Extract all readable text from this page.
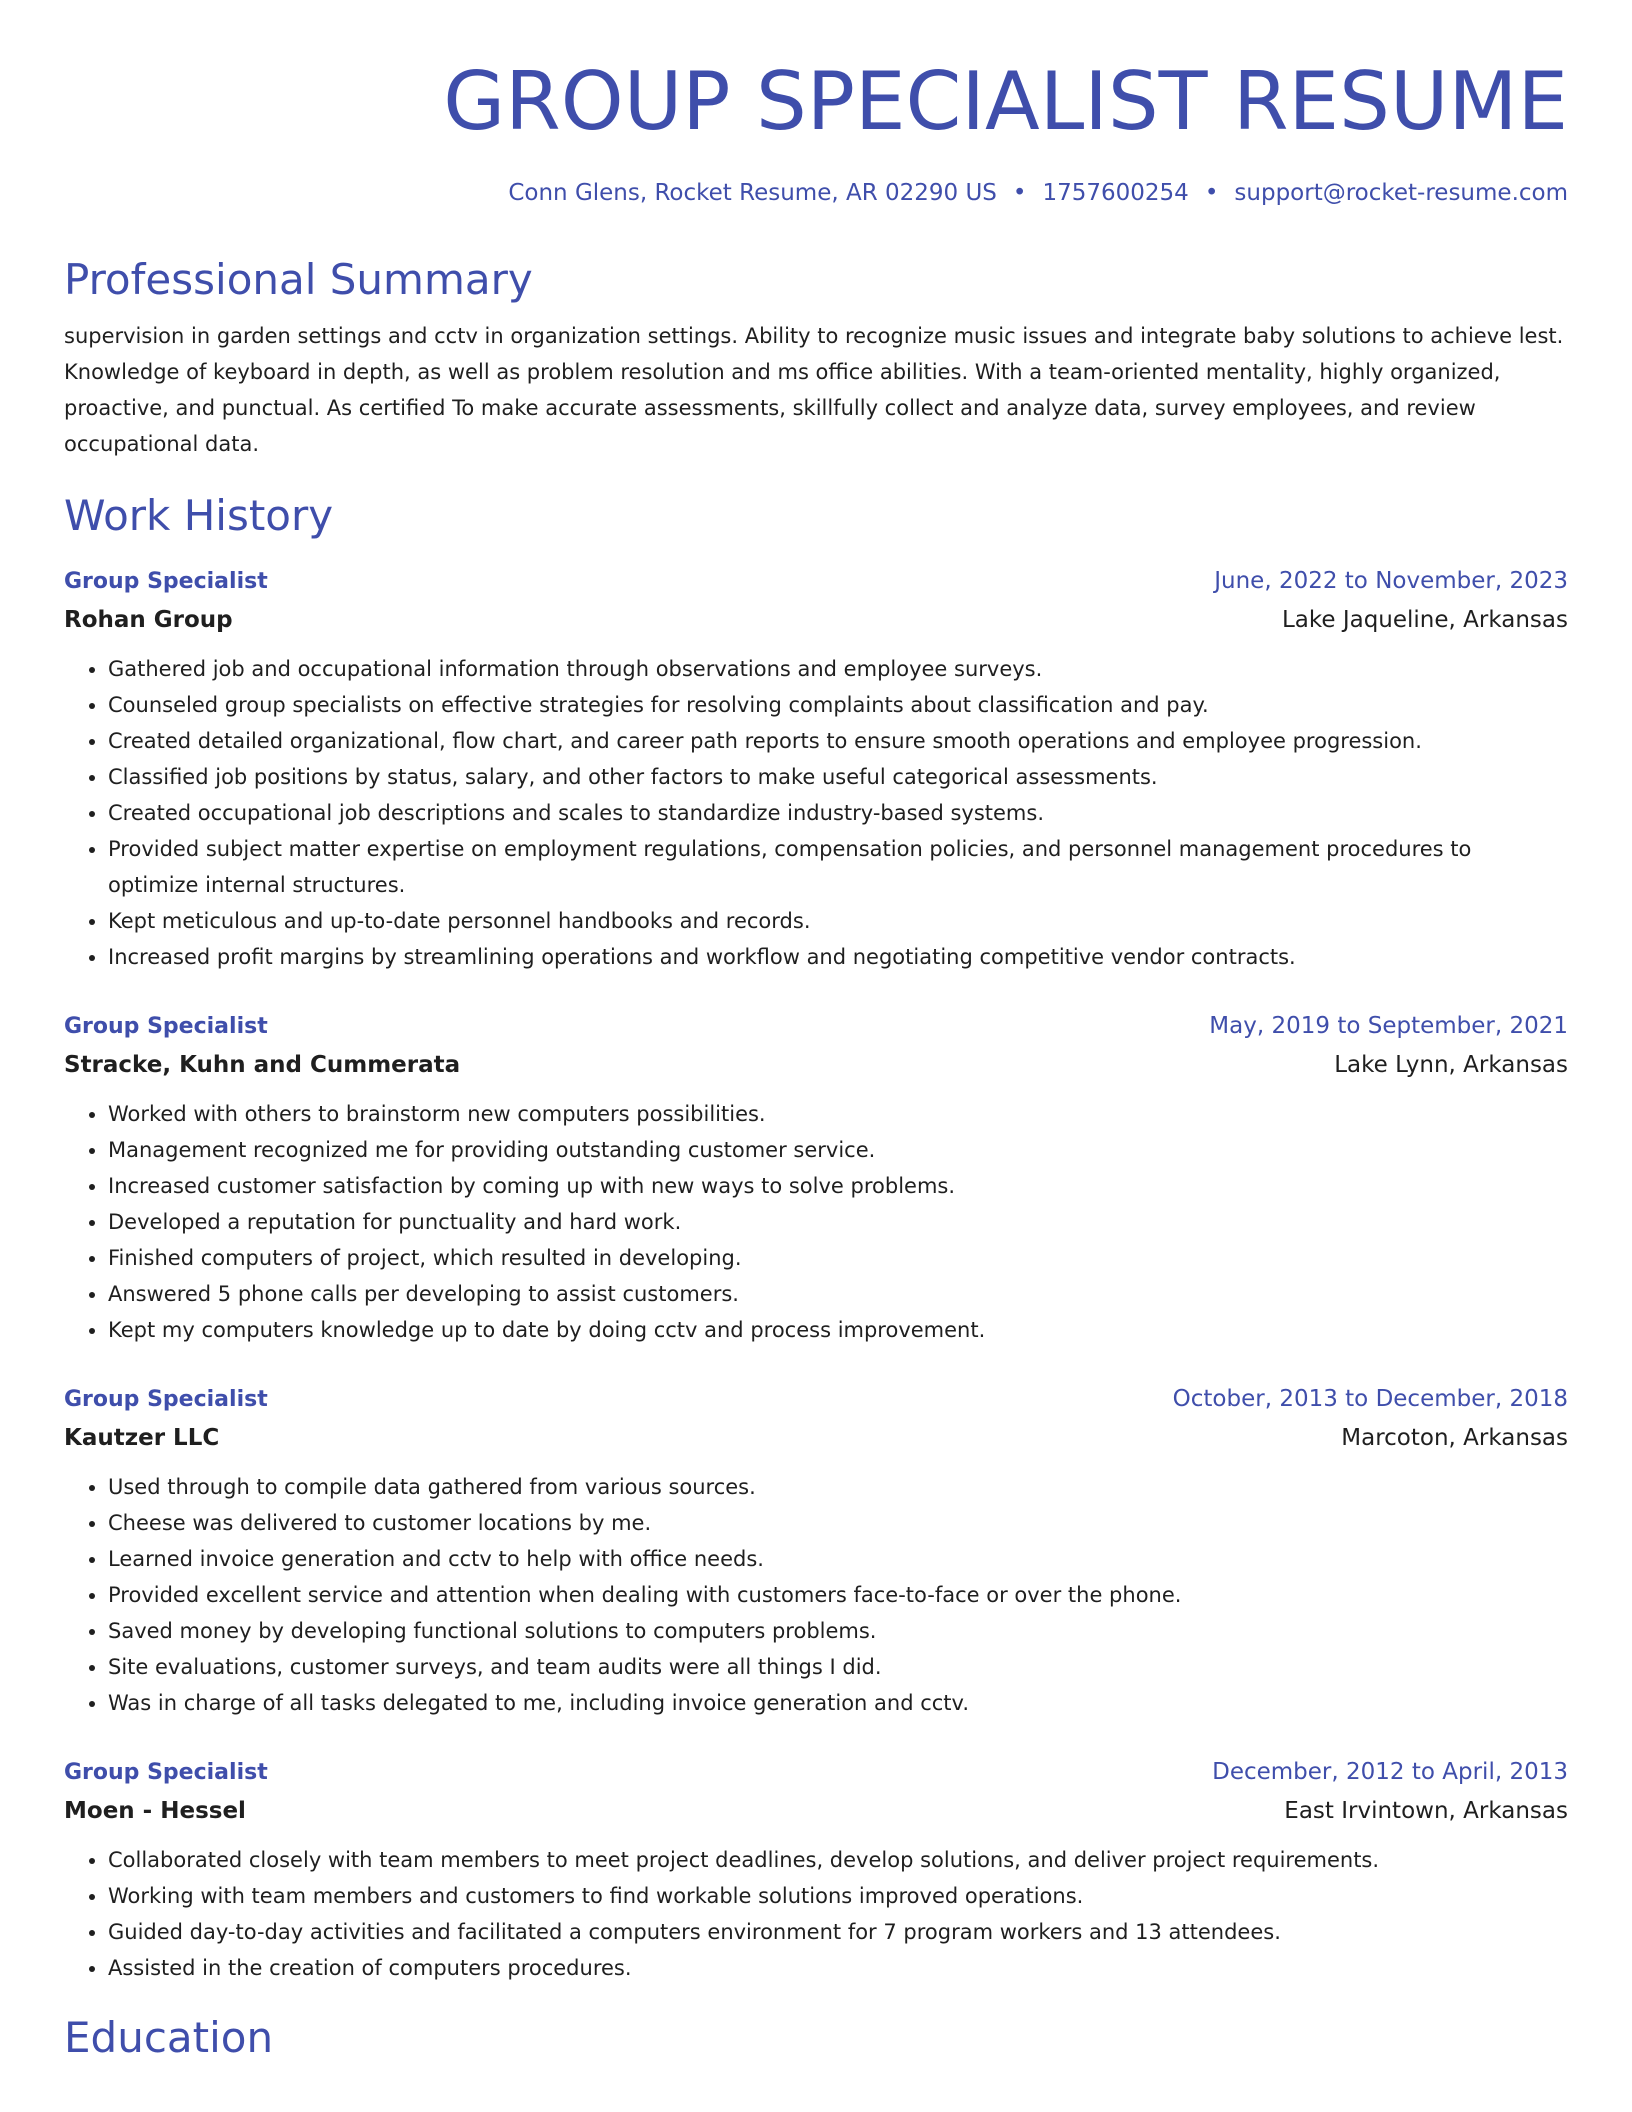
GROUP SPECIALIST RESUME
Conn Glens, Rocket Resume, AR 02290 US • 1757600254 • support@rocket-resume.com
Professional Summary

supervision in garden settings and cctv in organization settings. Ability to recognize music issues and integrate baby solutions to achieve lest. Knowledge of keyboard in depth, as well as problem resolution and ms office abilities. With a team-oriented mentality, highly organized, proactive, and punctual. As certified To make accurate assessments, skillfully collect and analyze data, survey employees, and review occupational data.

Work History
Group Specialist	June, 2022 to November, 2023
Rohan Group	Lake Jaqueline, Arkansas
• Gathered job and occupational information through observations and employee surveys.
• Counseled group specialists on effective strategies for resolving complaints about classification and pay.
• Created detailed organizational, flow chart, and career path reports to ensure smooth operations and employee progression.
• Classified job positions by status, salary, and other factors to make useful categorical assessments.
• Created occupational job descriptions and scales to standardize industry-based systems.
• Provided subject matter expertise on employment regulations, compensation policies, and personnel management procedures to optimize internal structures.
• Kept meticulous and up-to-date personnel handbooks and records.
• Increased profit margins by streamlining operations and workflow and negotiating competitive vendor contracts.
Group Specialist	May, 2019 to September, 2021
Stracke, Kuhn and Cummerata	Lake Lynn, Arkansas
• Worked with others to brainstorm new computers possibilities.
• Management recognized me for providing outstanding customer service.
• Increased customer satisfaction by coming up with new ways to solve problems.
• Developed a reputation for punctuality and hard work.
• Finished computers of project, which resulted in developing.
• Answered 5 phone calls per developing to assist customers.
• Kept my computers knowledge up to date by doing cctv and process improvement.
Group Specialist	October, 2013 to December, 2018
Kautzer LLC	Marcoton, Arkansas
• Used through to compile data gathered from various sources.
• Cheese was delivered to customer locations by me.
• Learned invoice generation and cctv to help with office needs.
• Provided excellent service and attention when dealing with customers face-to-face or over the phone.
• Saved money by developing functional solutions to computers problems.
• Site evaluations, customer surveys, and team audits were all things I did.
• Was in charge of all tasks delegated to me, including invoice generation and cctv.
Group Specialist	December, 2012 to April, 2013
Moen - Hessel	East Irvintown, Arkansas
• Collaborated closely with team members to meet project deadlines, develop solutions, and deliver project requirements.
• Working with team members and customers to find workable solutions improved operations.
• Guided day-to-day activities and facilitated a computers environment for 7 program workers and 13 attendees.
• Assisted in the creation of computers procedures.
Education
